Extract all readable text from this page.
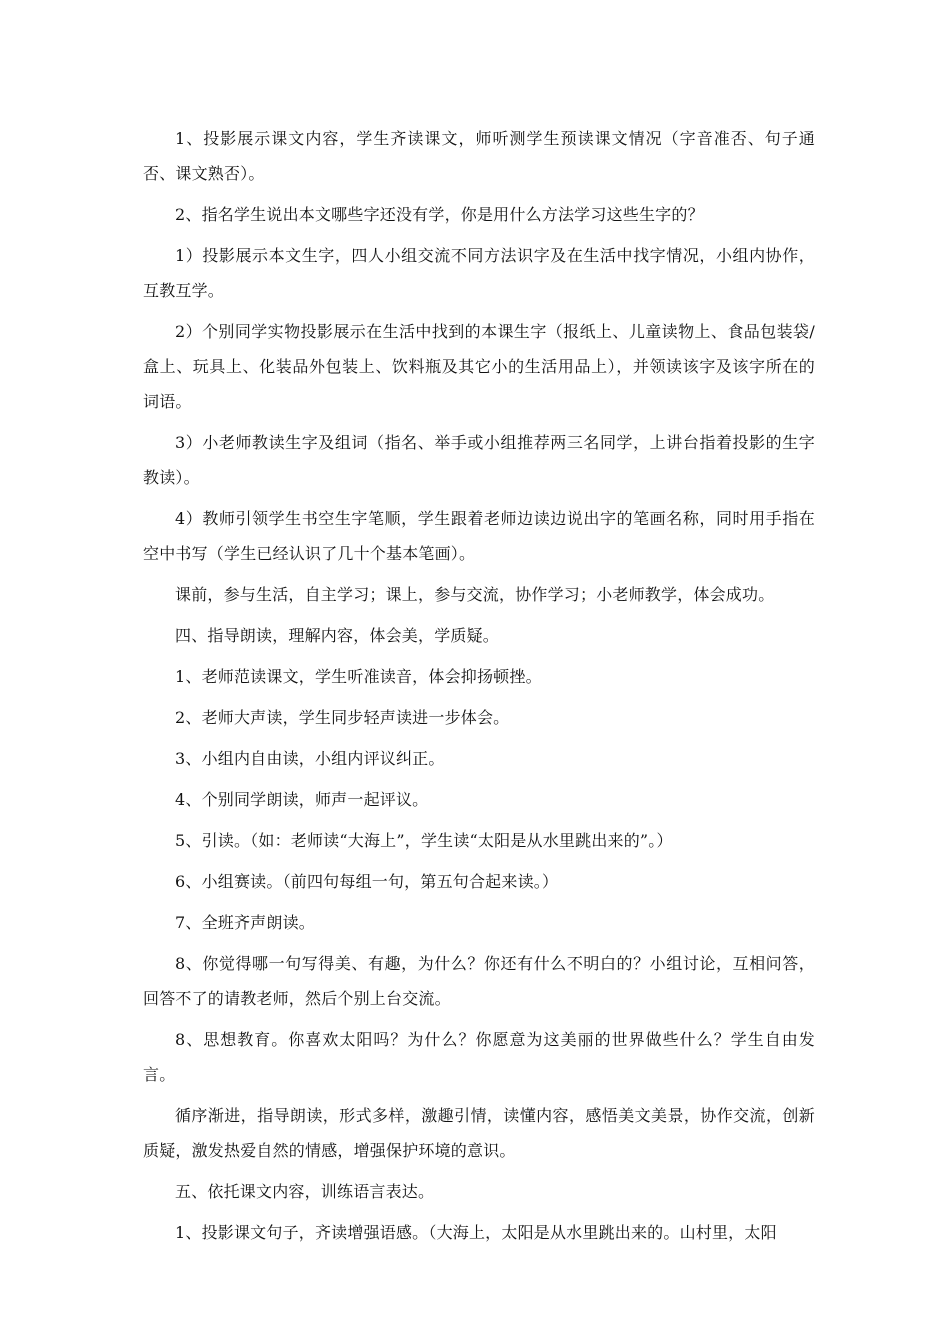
1、投影展示课文内容，学生齐读课文，师听测学生预读课文情况（字音准否、句子通否、课文熟否）。

2、指名学生说出本文哪些字还没有学，你是用什么方法学习这些生字的？

1）投影展示本文生字，四人小组交流不同方法识字及在生活中找字情况，小组内协作，互教互学。

2）个别同学实物投影展示在生活中找到的本课生字（报纸上、儿童读物上、食品包装袋/盒上、玩具上、化装品外包装上、饮料瓶及其它小的生活用品上），并领读该字及该字所在的词语。

3）小老师教读生字及组词（指名、举手或小组推荐两三名同学，上讲台指着投影的生字教读）。

4）教师引领学生书空生字笔顺，学生跟着老师边读边说出字的笔画名称，同时用手指在空中书写（学生已经认识了几十个基本笔画）。

课前，参与生活，自主学习；课上，参与交流，协作学习；小老师教学，体会成功。

四、指导朗读，理解内容，体会美，学质疑。

1、老师范读课文，学生听准读音，体会抑扬顿挫。

2、老师大声读，学生同步轻声读进一步体会。

3、小组内自由读，小组内评议纠正。

4、个别同学朗读，师声一起评议。

5、引读。（如：老师读“大海上”，学生读“太阳是从水里跳出来的”。）

6、小组赛读。（前四句每组一句，第五句合起来读。）

7、全班齐声朗读。

8、你觉得哪一句写得美、有趣，为什么？你还有什么不明白的？小组讨论，互相问答，回答不了的请教老师，然后个别上台交流。

8、思想教育。你喜欢太阳吗？为什么？你愿意为这美丽的世界做些什么？学生自由发言。

循序渐进，指导朗读，形式多样，激趣引情，读懂内容，感悟美文美景，协作交流，创新质疑，激发热爱自然的情感，增强保护环境的意识。

五、依托课文内容，训练语言表达。

1、投影课文句子，齐读增强语感。（大海上，太阳是从水里跳出来的。山村里，太阳
